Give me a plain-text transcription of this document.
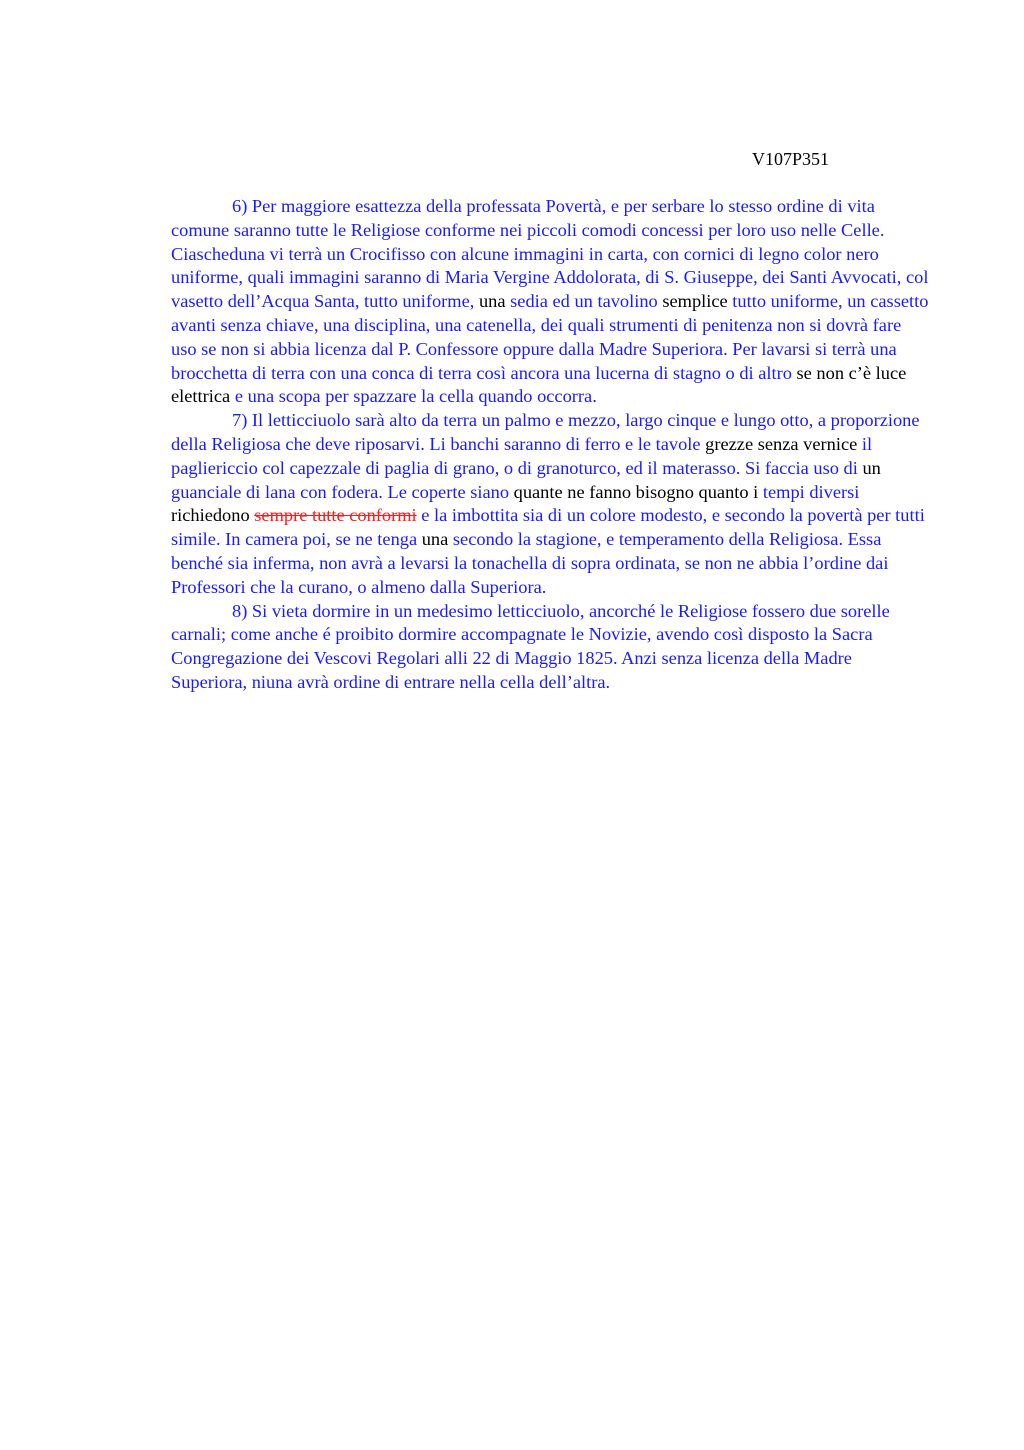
V107P351

6) Per maggiore esattezza della professata Povertà, e per serbare lo stesso ordine di vita comune saranno tutte le Religiose conforme nei piccoli comodi concessi per loro uso nelle Celle. Ciascheduna vi terrà un Crocifisso con alcune immagini in carta, con cornici di legno color nero uniforme, quali immagini saranno di Maria Vergine Addolorata, di S. Giuseppe, dei Santi Avvocati, col vasetto dell’Acqua Santa, tutto uniforme, una sedia ed un tavolino semplice tutto uniforme, un cassetto avanti senza chiave, una disciplina, una catenella, dei quali strumenti di penitenza non si dovrà fare uso se non si abbia licenza dal P. Confessore oppure dalla Madre Superiora. Per lavarsi si terrà una brocchetta di terra con una conca di terra così ancora una lucerna di stagno o di altro se non c’è luce elettrica e una scopa per spazzare la cella quando occorra.

7) Il letticciuolo sarà alto da terra un palmo e mezzo, largo cinque e lungo otto, a proporzione della Religiosa che deve riposarvi. Li banchi saranno di ferro e le tavole grezze senza vernice il pagliericcio col capezzale di paglia di grano, o di granoturco, ed il materasso. Si faccia uso di un guanciale di lana con fodera. Le coperte siano quante ne fanno bisogno quanto i tempi diversi richiedono sempre tutte conformi e la imbottita sia di un colore modesto, e secondo la povertà per tutti simile. In camera poi, se ne tenga una secondo la stagione, e temperamento della Religiosa. Essa benché sia inferma, non avrà a levarsi la tonachella di sopra ordinata, se non ne abbia l’ordine dai Professori che la curano, o almeno dalla Superiora.

8) Si vieta dormire in un medesimo letticciuolo, ancorché le Religiose fossero due sorelle carnali; come anche é proibito dormire accompagnate le Novizie, avendo così disposto la Sacra Congregazione dei Vescovi Regolari alli 22 di Maggio 1825. Anzi senza licenza della Madre Superiora, niuna avrà ordine di entrare nella cella dell’altra.
